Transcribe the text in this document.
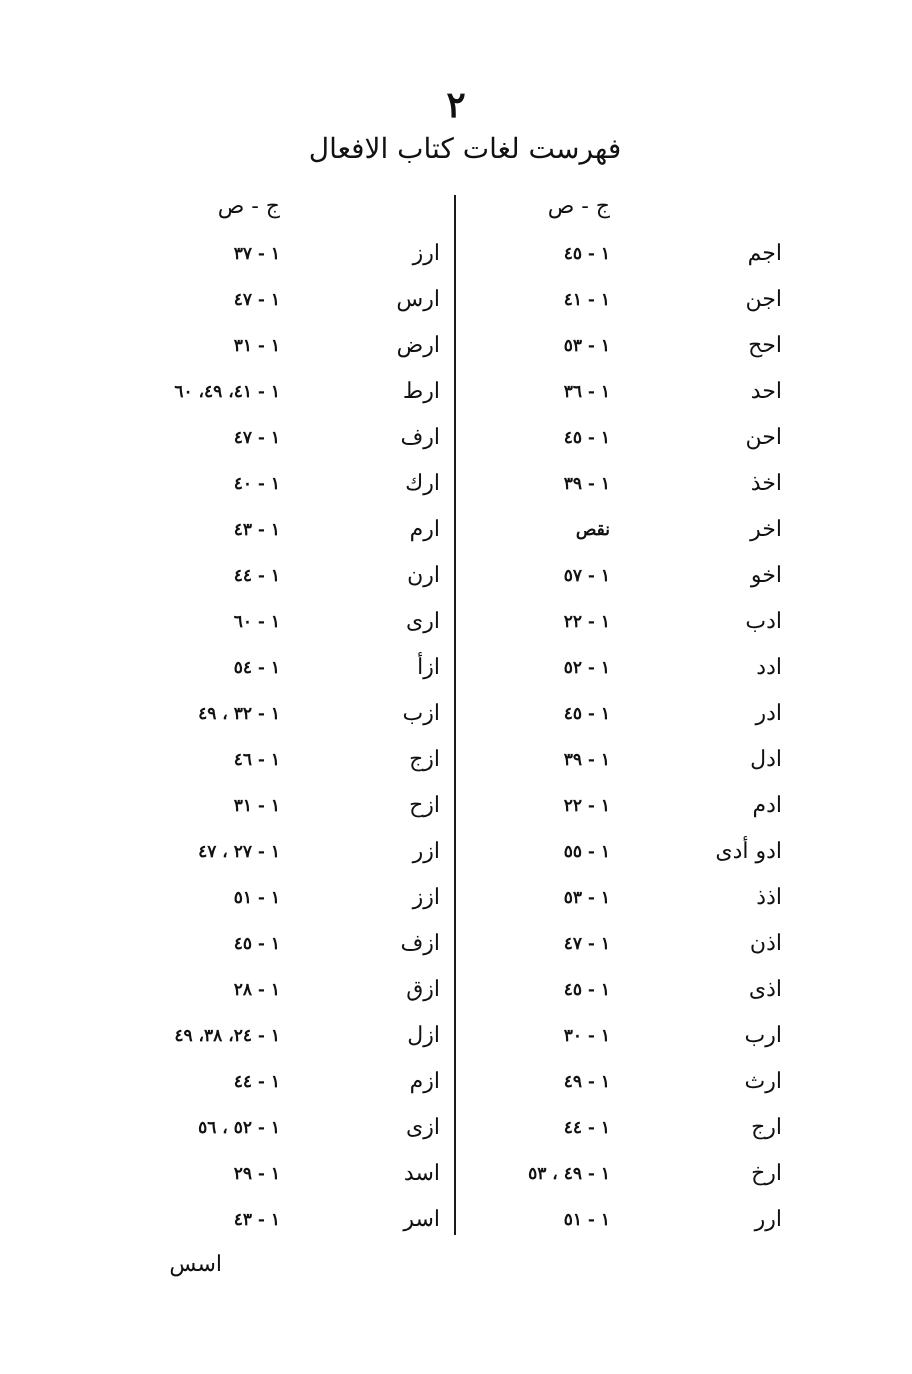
٢
فهرست لغات كتاب الافعال
ج - ص
ج - ص
اجم
١ - ٤٥
ارز
١ - ٣٧
اجن
١ - ٤١
ارس
١ - ٤٧
احح
١ - ٥٣
ارض
١ - ٣١
احد
١ - ٣٦
ارط
١ - ٤١، ٤٩، ٦٠
احن
١ - ٤٥
ارف
١ - ٤٧
اخذ
١ - ٣٩
ارك
١ - ٤٠
اخر
نقص
ارم
١ - ٤٣
اخو
١ - ٥٧
ارن
١ - ٤٤
ادب
١ - ٢٢
ارى
١ - ٦٠
ادد
١ - ٥٢
ازأ
١ - ٥٤
ادر
١ - ٤٥
ازب
١ - ٣٢ ، ٤٩
ادل
١ - ٣٩
ازج
١ - ٤٦
ادم
١ - ٢٢
ازح
١ - ٣١
ادو أدى
١ - ٥٥
ازر
١ - ٢٧ ، ٤٧
اذذ
١ - ٥٣
ازز
١ - ٥١
اذن
١ - ٤٧
ازف
١ - ٤٥
اذى
١ - ٤٥
ازق
١ - ٢٨
ارب
١ - ٣٠
ازل
١ - ٢٤، ٣٨، ٤٩
ارث
١ - ٤٩
ازم
١ - ٤٤
ارج
١ - ٤٤
ازى
١ - ٥٢ ، ٥٦
ارخ
١ - ٤٩ ، ٥٣
اسد
١ - ٢٩
ارر
١ - ٥١
اسر
١ - ٤٣
اسس
